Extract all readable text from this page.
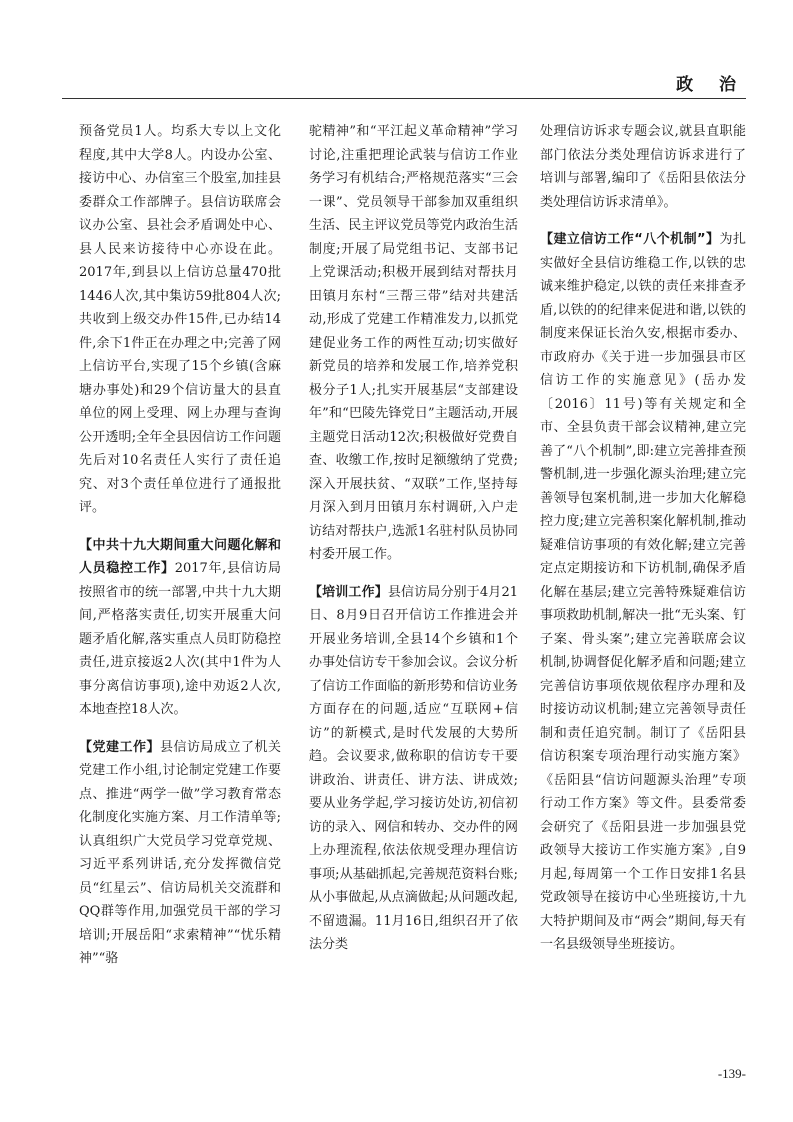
政 治

预备党员1人。均系大专以上文化程度,其中大学8人。内设办公室、接访中心、办信室三个股室,加挂县委群众工作部牌子。县信访联席会议办公室、县社会矛盾调处中心、县人民来访接待中心亦设在此。2017年,到县以上信访总量470批1446人次,其中集访59批804人次;共收到上级交办件15件,已办结14件,余下1件正在办理之中;完善了网上信访平台,实现了15个乡镇(含麻塘办事处)和29个信访量大的县直单位的网上受理、网上办理与查询公开透明;全年全县因信访工作问题先后对10名责任人实行了责任追究、对3个责任单位进行了通报批评。

【中共十九大期间重大问题化解和人员稳控工作】2017年,县信访局按照省市的统一部署,中共十九大期间,严格落实责任,切实开展重大问题矛盾化解,落实重点人员盯防稳控责任,进京接返2人次(其中1件为人事分离信访事项),途中劝返2人次,本地查控18人次。

【党建工作】县信访局成立了机关党建工作小组,讨论制定党建工作要点、推进“两学一做”学习教育常态化制度化实施方案、月工作清单等;认真组织广大党员学习党章党规、习近平系列讲话,充分发挥微信党员“红星云”、信访局机关交流群和QQ群等作用,加强党员干部的学习培训;开展岳阳“求索精神”“忧乐精神”“骆

驼精神”和“平江起义革命精神”学习讨论,注重把理论武装与信访工作业务学习有机结合;严格规范落实“三会一课”、党员领导干部参加双重组织生活、民主评议党员等党内政治生活制度;开展了局党组书记、支部书记上党课活动;积极开展到结对帮扶月田镇月东村“三帮三带”结对共建活动,形成了党建工作精准发力,以抓党建促业务工作的两性互动;切实做好新党员的培养和发展工作,培养党积极分子1人;扎实开展基层“支部建设年”和“巴陵先锋党日”主题活动,开展主题党日活动12次;积极做好党费自查、收缴工作,按时足额缴纳了党费;深入开展扶贫、“双联”工作,坚持每月深入到月田镇月东村调研,入户走访结对帮扶户,选派1名驻村队员协同村委开展工作。

【培训工作】县信访局分别于4月21日、8月9日召开信访工作推进会并开展业务培训,全县14个乡镇和1个办事处信访专干参加会议。会议分析了信访工作面临的新形势和信访业务方面存在的问题,适应“互联网+信访”的新模式,是时代发展的大势所趋。会议要求,做称职的信访专干要讲政治、讲责任、讲方法、讲成效;要从业务学起,学习接访处访,初信初访的录入、网信和转办、交办件的网上办理流程,依法依规受理办理信访事项;从基础抓起,完善规范资料台账;从小事做起,从点滴做起;从问题改起,不留遗漏。11月16日,组织召开了依法分类

处理信访诉求专题会议,就县直职能部门依法分类处理信访诉求进行了培训与部署,编印了《岳阳县依法分类处理信访诉求清单》。

【建立信访工作“八个机制”】为扎实做好全县信访维稳工作,以铁的忠诚来维护稳定,以铁的责任来排查矛盾,以铁的的纪律来促进和谐,以铁的制度来保证长治久安,根据市委办、市政府办《关于进一步加强县市区信访工作的实施意见》(岳办发〔2016〕11号)等有关规定和全市、全县负责干部会议精神,建立完善了“八个机制”,即:建立完善排查预警机制,进一步强化源头治理;建立完善领导包案机制,进一步加大化解稳控力度;建立完善积案化解机制,推动疑难信访事项的有效化解;建立完善定点定期接访和下访机制,确保矛盾化解在基层;建立完善特殊疑难信访事项救助机制,解决一批“无头案、钉子案、骨头案”;建立完善联席会议机制,协调督促化解矛盾和问题;建立完善信访事项依规依程序办理和及时接访动议机制;建立完善领导责任制和责任追究制。制订了《岳阳县信访积案专项治理行动实施方案》《岳阳县“信访问题源头治理”专项行动工作方案》等文件。县委常委会研究了《岳阳县进一步加强县党政领导大接访工作实施方案》,自9月起,每周第一个工作日安排1名县党政领导在接访中心坐班接访,十九大特护期间及市“两会”期间,每天有一名县级领导坐班接访。

-139-
